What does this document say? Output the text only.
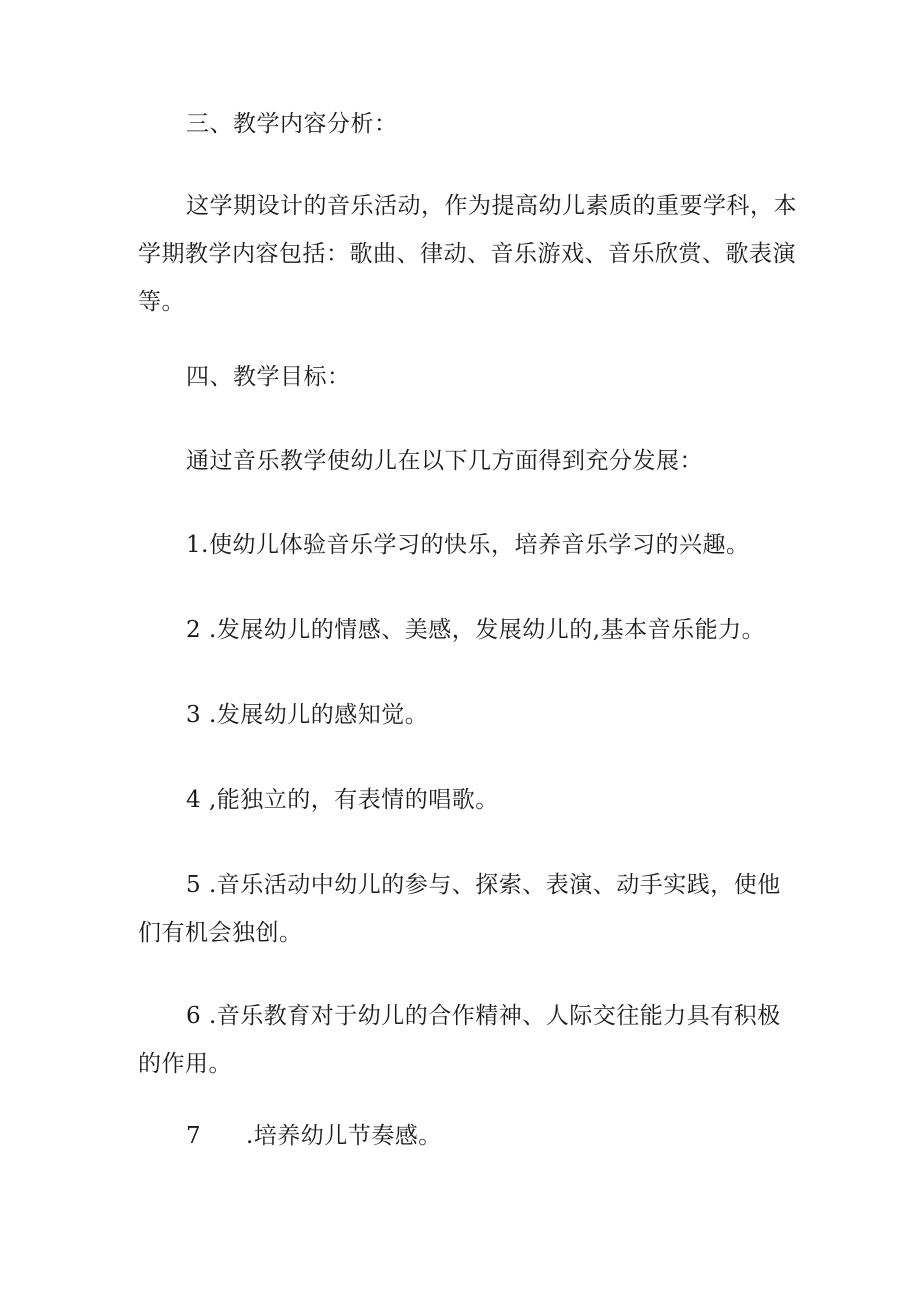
三、教学内容分析：
这学期设计的音乐活动，作为提高幼儿素质的重要学科，本
学期教学内容包括：歌曲、律动、音乐游戏、音乐欣赏、歌表演
等。
四、教学目标：
通过音乐教学使幼儿在以下几方面得到充分发展：
1.使幼儿体验音乐学习的快乐，培养音乐学习的兴趣。
2 .发展幼儿的情感、美感，发展幼儿的,基本音乐能力。
3 .发展幼儿的感知觉。
4 ,能独立的，有表情的唱歌。
5 .音乐活动中幼儿的参与、探索、表演、动手实践，使他
们有机会独创。
6 .音乐教育对于幼儿的合作精神、人际交往能力具有积极
的作用。
7 .培养幼儿节奏感。
